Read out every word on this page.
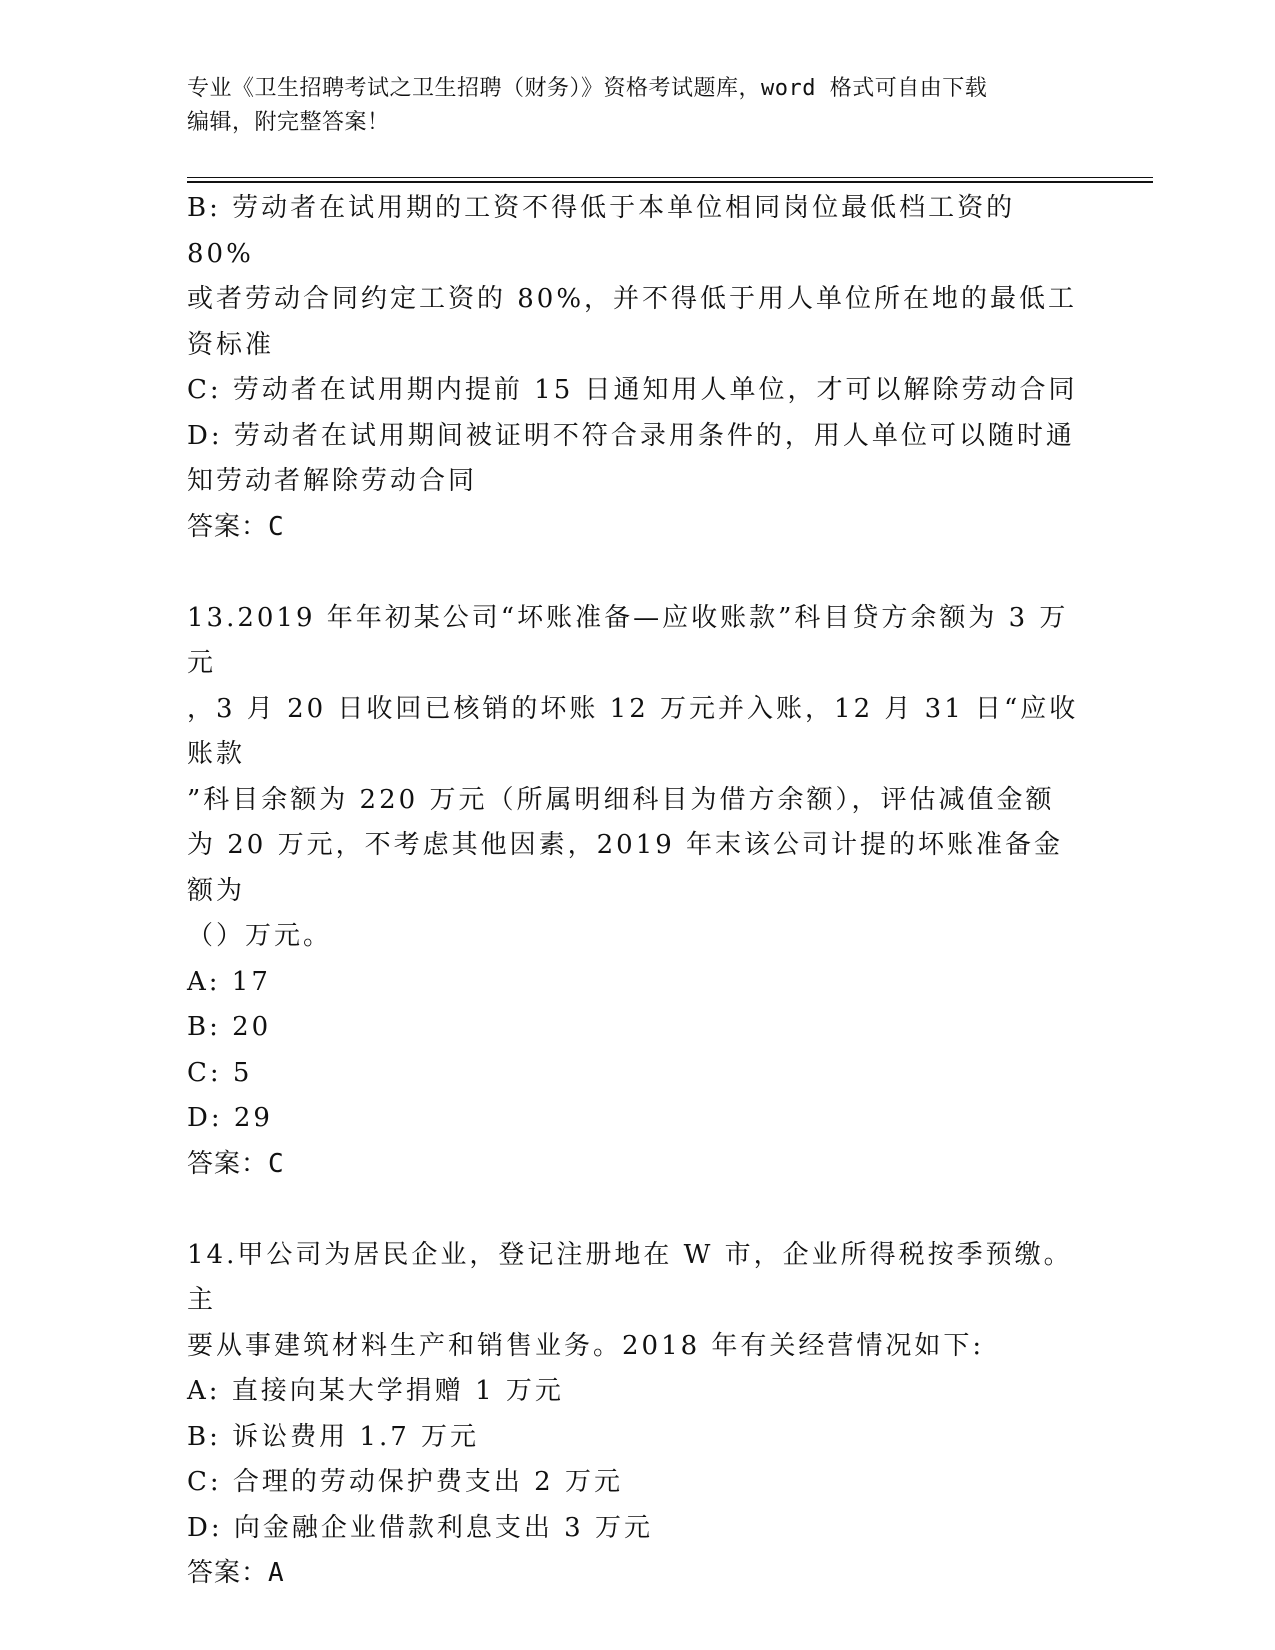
专业《卫生招聘考试之卫生招聘（财务）》资格考试题库，word 格式可自由下载
编辑，附完整答案！
B: 劳动者在试用期的工资不得低于本单位相同岗位最低档工资的 80%
或者劳动合同约定工资的 80%，并不得低于用人单位所在地的最低工
资标准
C: 劳动者在试用期内提前 15 日通知用人单位，才可以解除劳动合同
D: 劳动者在试用期间被证明不符合录用条件的，用人单位可以随时通
知劳动者解除劳动合同
答案：C
13.2019 年年初某公司“坏账准备—应收账款”科目贷方余额为 3 万元
，3 月 20 日收回已核销的坏账 12 万元并入账，12 月 31 日“应收账款
”科目余额为 220 万元（所属明细科目为借方余额），评估减值金额
为 20 万元，不考虑其他因素，2019 年末该公司计提的坏账准备金额为
（）万元。
A: 17
B: 20
C: 5
D: 29
答案：C
14.甲公司为居民企业，登记注册地在 W 市，企业所得税按季预缴。主
要从事建筑材料生产和销售业务。2018 年有关经营情况如下:
A: 直接向某大学捐赠 1 万元
B: 诉讼费用 1.7 万元
C: 合理的劳动保护费支出 2 万元
D: 向金融企业借款利息支出 3 万元
答案：A
